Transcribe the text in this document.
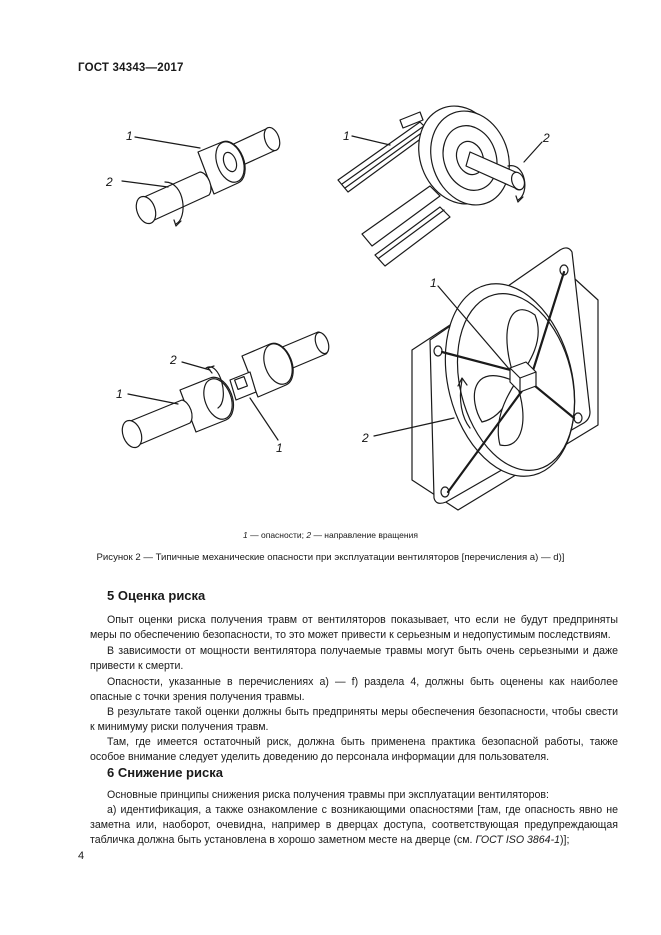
ГОСТ 34343—2017
1
2
1	2
2
1
1
1
2
1 — опасности; 2 — направление вращения
Рисунок 2 — Типичные механические опасности при эксплуатации вентиляторов [перечисления a) — d)]
5 Оценка риска

Опыт оценки риска получения травм от вентиляторов показывает, что если не будут предприняты меры по обеспечению безопасности, то это может привести к серьезным и недопустимым последствиям.

В зависимости от мощности вентилятора получаемые травмы могут быть очень серьезными и даже привести к смерти.

Опасности, указанные в перечислениях a) — f) раздела 4, должны быть оценены как наиболее опасные с точки зрения получения травмы.

В результате такой оценки должны быть предприняты меры обеспечения безопасности, чтобы свести к минимуму риски получения травм.

Там, где имеется остаточный риск, должна быть применена практика безопасной работы, также особое внимание следует уделить доведению до персонала информации для пользователя.

6 Снижение риска

Основные принципы снижения риска получения травмы при эксплуатации вентиляторов:

a) идентификация, а также ознакомление с возникающими опасностями [там, где опасность явно не заметна или, наоборот, очевидна, например в дверцах доступа, соответствующая предупреждающая табличка должна быть установлена в хорошо заметном месте на дверце (см. ГОСТ ISO 3864-1)];

4
